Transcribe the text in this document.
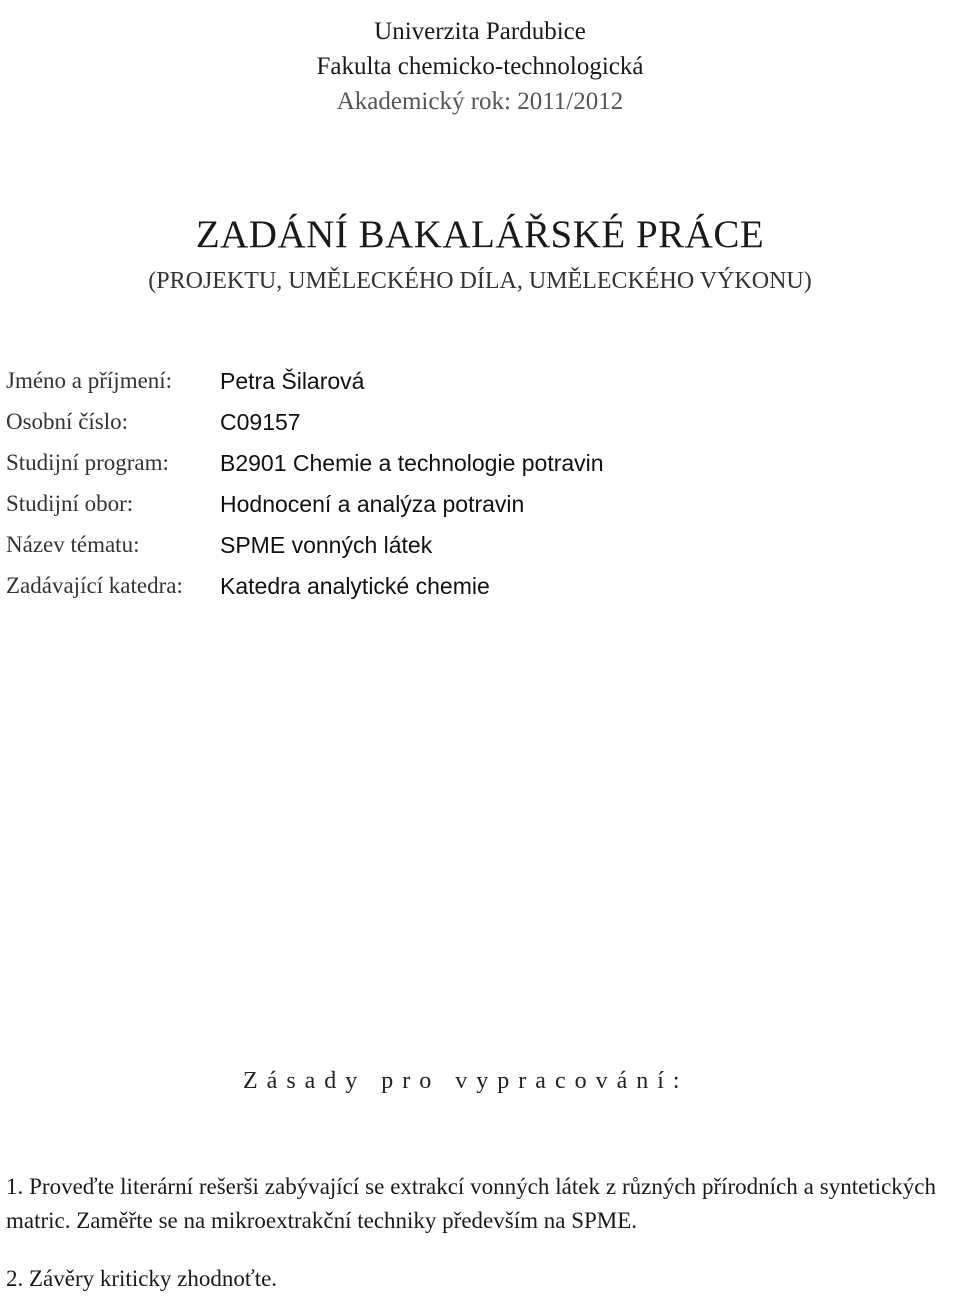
Univerzita Pardubice
Fakulta chemicko-technologická
Akademický rok: 2011/2012
ZADÁNÍ BAKALÁŘSKÉ PRÁCE
(PROJEKTU, UMĚLECKÉHO DÍLA, UMĚLECKÉHO VÝKONU)
Jméno a příjmení: Petra Šilarová
Osobní číslo:	C09157
Studijní program: B2901 Chemie a technologie potravin
Studijní obor:	Hodnocení a analýza potravin
Název tématu:	SPME vonných látek
Zadávající katedra: Katedra analytické chemie
Zásady pro vypracování:
1. Proveďte literární rešerši zabývající se extrakcí vonných látek z různých přírodních a syntetických matric. Zaměřte se na mikroextrakční techniky především na SPME.
2. Závěry kriticky zhodnoťte.
